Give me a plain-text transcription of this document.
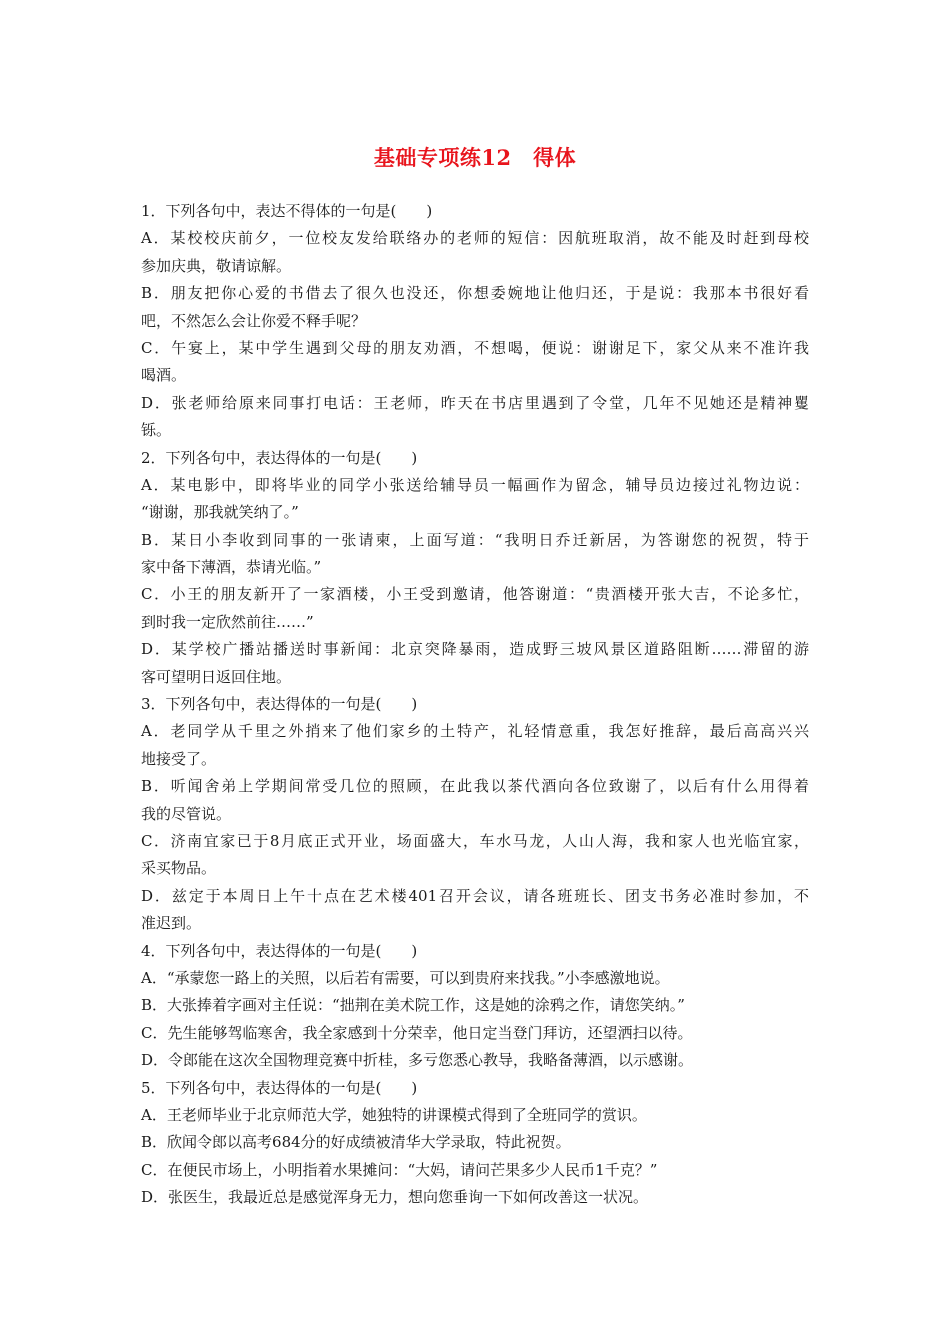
基础专项练12　得体
1．下列各句中，表达不得体的一句是(　　)
A．某校校庆前夕，一位校友发给联络办的老师的短信：因航班取消，故不能及时赶到母校
参加庆典，敬请谅解。
B．朋友把你心爱的书借去了很久也没还，你想委婉地让他归还，于是说：我那本书很好看
吧，不然怎么会让你爱不释手呢？
C．午宴上，某中学生遇到父母的朋友劝酒，不想喝，便说：谢谢足下，家父从来不准许我
喝酒。
D．张老师给原来同事打电话：王老师，昨天在书店里遇到了令堂，几年不见她还是精神矍
铄。
2．下列各句中，表达得体的一句是(　　)
A．某电影中，即将毕业的同学小张送给辅导员一幅画作为留念，辅导员边接过礼物边说：
“谢谢，那我就笑纳了。”
B．某日小李收到同事的一张请柬，上面写道：“我明日乔迁新居，为答谢您的祝贺，特于
家中备下薄酒，恭请光临。”
C．小王的朋友新开了一家酒楼，小王受到邀请，他答谢道：“贵酒楼开张大吉，不论多忙，
到时我一定欣然前往……”
D．某学校广播站播送时事新闻：北京突降暴雨，造成野三坡风景区道路阻断……滞留的游
客可望明日返回住地。
3．下列各句中，表达得体的一句是(　　)
A．老同学从千里之外捎来了他们家乡的土特产，礼轻情意重，我怎好推辞，最后高高兴兴
地接受了。
B．听闻舍弟上学期间常受几位的照顾，在此我以茶代酒向各位致谢了，以后有什么用得着
我的尽管说。
C．济南宜家已于8月底正式开业，场面盛大，车水马龙，人山人海，我和家人也光临宜家，
采买物品。
D．兹定于本周日上午十点在艺术楼401召开会议，请各班班长、团支书务必准时参加，不
准迟到。
4．下列各句中，表达得体的一句是(　　)
A．“承蒙您一路上的关照，以后若有需要，可以到贵府来找我。”小李感激地说。
B．大张捧着字画对主任说：“拙荆在美术院工作，这是她的涂鸦之作，请您笑纳。”
C．先生能够驾临寒舍，我全家感到十分荣幸，他日定当登门拜访，还望洒扫以待。
D．令郎能在这次全国物理竞赛中折桂，多亏您悉心教导，我略备薄酒，以示感谢。
5．下列各句中，表达得体的一句是(　　)
A．王老师毕业于北京师范大学，她独特的讲课模式得到了全班同学的赏识。
B．欣闻令郎以高考684分的好成绩被清华大学录取，特此祝贺。
C．在便民市场上，小明指着水果摊问：“大妈，请问芒果多少人民币1千克？”
D．张医生，我最近总是感觉浑身无力，想向您垂询一下如何改善这一状况。
